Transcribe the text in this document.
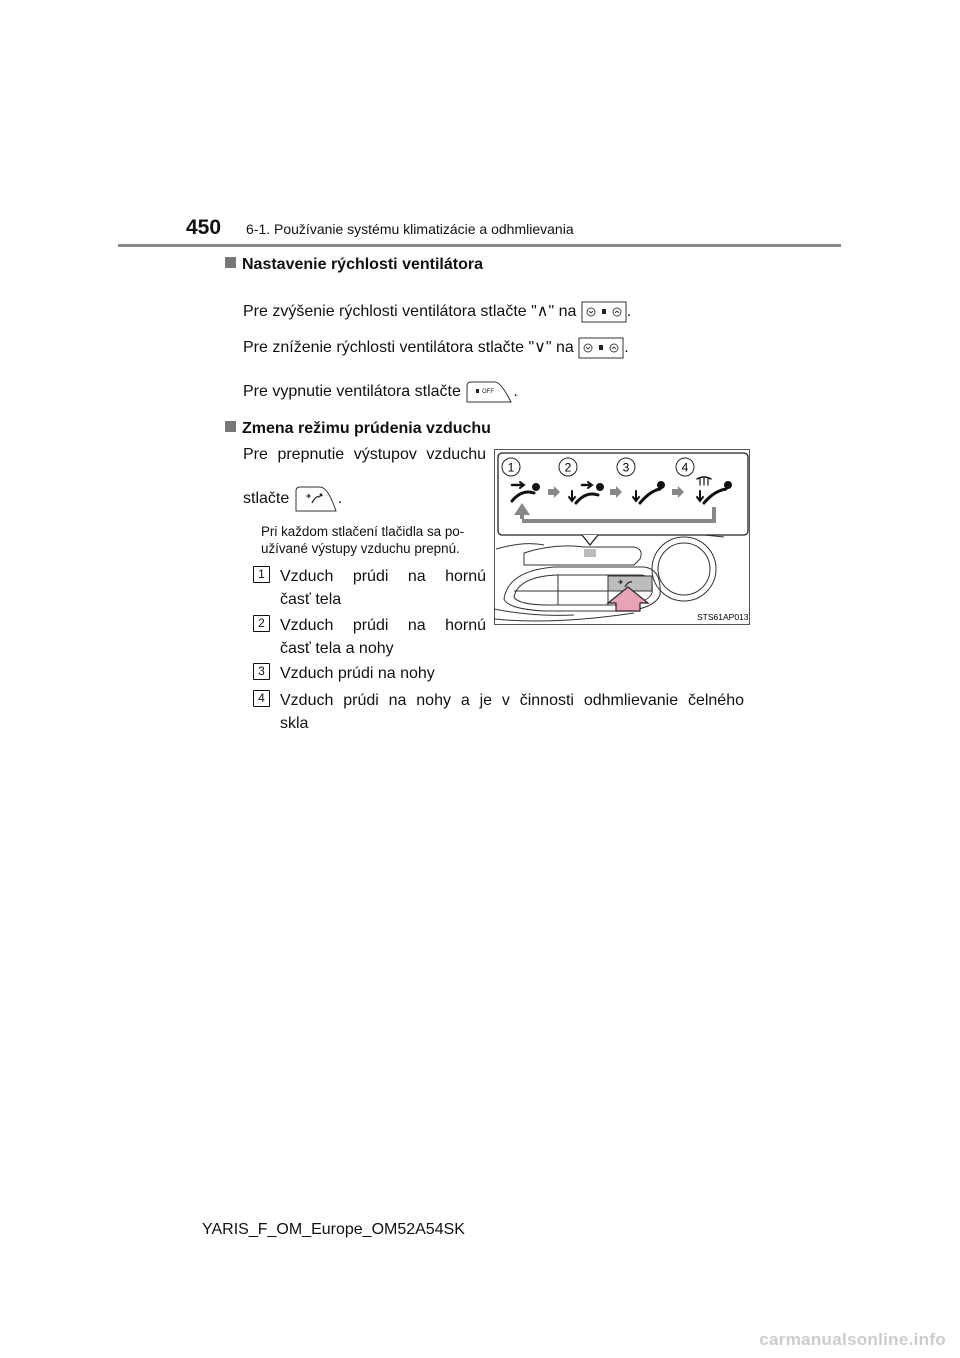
450 6-1. Používanie systému klimatizácie a odhmlievania
Nastavenie rýchlosti ventilátora
Pre zvýšenie rýchlosti ventilátora stlačte "∧" na	.
Pre zníženie rýchlosti ventilátora stlačte "∨" na	.
Pre vypnutie ventilátora stlačte	OFF .
Zmena režimu prúdenia vzduchu
Pre prepnutie výstupov vzduchu
stlačte	.
Pri každom stlačení tlačidla sa po-
užívané výstupy vzduchu prepnú.
1 Vzduch prúdi na hornú
časť tela
2 Vzduch prúdi na hornú
časť tela a nohy
3 Vzduch prúdi na nohy
4 Vzduch prúdi na nohy a je v činnosti odhmlievanie čelného
skla
1	2	3	4
STS61AP013
YARIS_F_OM_Europe_OM52A54SK
carmanualsonline.info
